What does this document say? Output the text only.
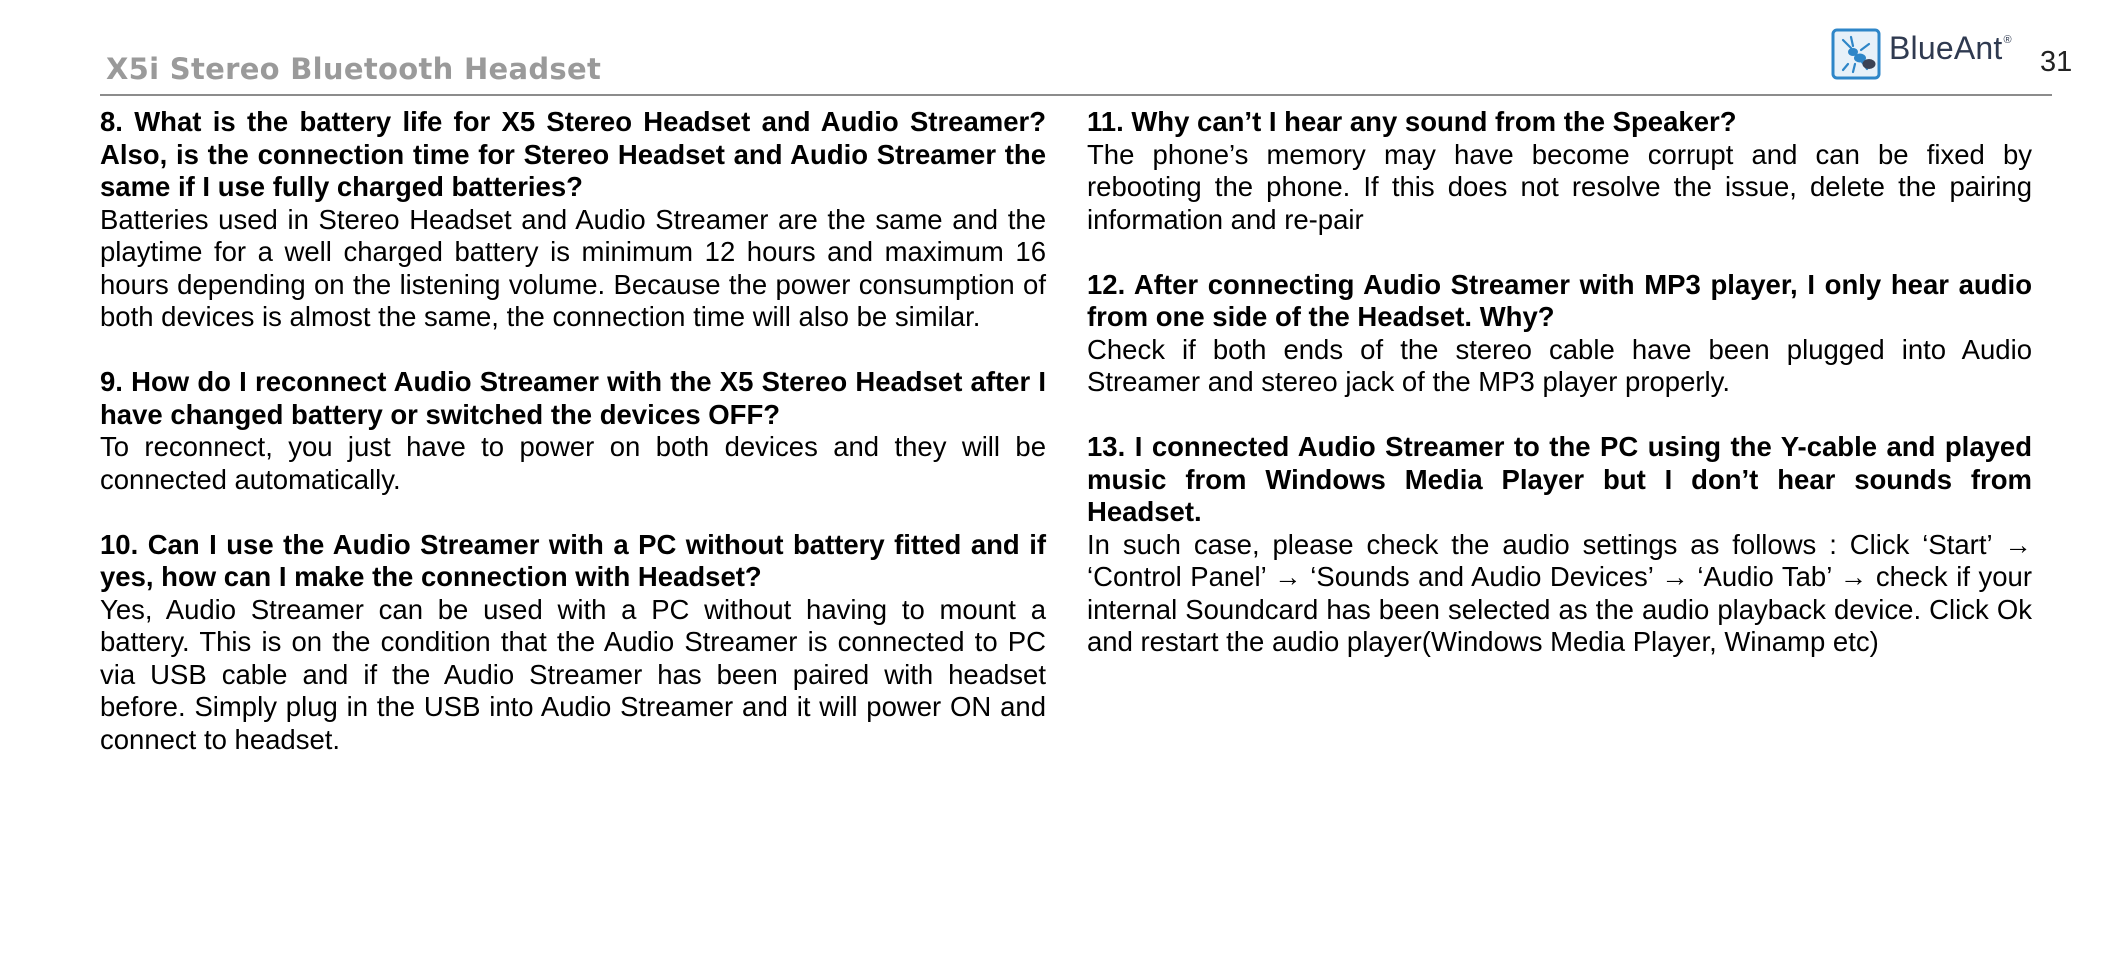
X5i Stereo Bluetooth Headset
BlueAnt®
31
8. What is the battery life for X5 Stereo Headset and Audio Streamer? Also, is the connection time for Stereo Headset and Audio Streamer the same if I use fully charged batteries?
Batteries used in Stereo Headset and Audio Streamer are the same and the playtime for a well charged battery is minimum 12 hours and maximum 16 hours depending on the listening volume. Because the power consumption of both devices is almost the same, the connection time will also be similar.
9. How do I reconnect Audio Streamer with the X5 Stereo Headset after I have changed battery or switched the devices OFF?
To reconnect, you just have to power on both devices and they will be connected automatically.
10. Can I use the Audio Streamer with a PC without battery fitted and if yes, how can I make the connection with Headset?
Yes, Audio Streamer can be used with a PC without having to mount a battery. This is on the condition that the Audio Streamer is connected to PC via USB cable and if the Audio Streamer has been paired with headset before. Simply plug in the USB into Audio Streamer and it will power ON and connect to headset.
11. Why can’t I hear any sound from the Speaker?
The phone’s memory may have become corrupt and can be fixed by rebooting the phone. If this does not resolve the issue, delete the pairing information and re-pair
12. After connecting Audio Streamer with MP3 player, I only hear audio from one side of the Headset. Why?
Check if both ends of the stereo cable have been plugged into Audio Streamer and stereo jack of the MP3 player properly.
13. I connected Audio Streamer to the PC using the Y-cable and played music from Windows Media Player but I don’t hear sounds from Headset.
In such case, please check the audio settings as follows : Click ‘Start’ → ‘Control Panel’ → ‘Sounds and Audio Devices’ → ‘Audio Tab’ → check if your internal Soundcard has been selected as the audio playback device. Click Ok and restart the audio player(Windows Media Player, Winamp etc)
